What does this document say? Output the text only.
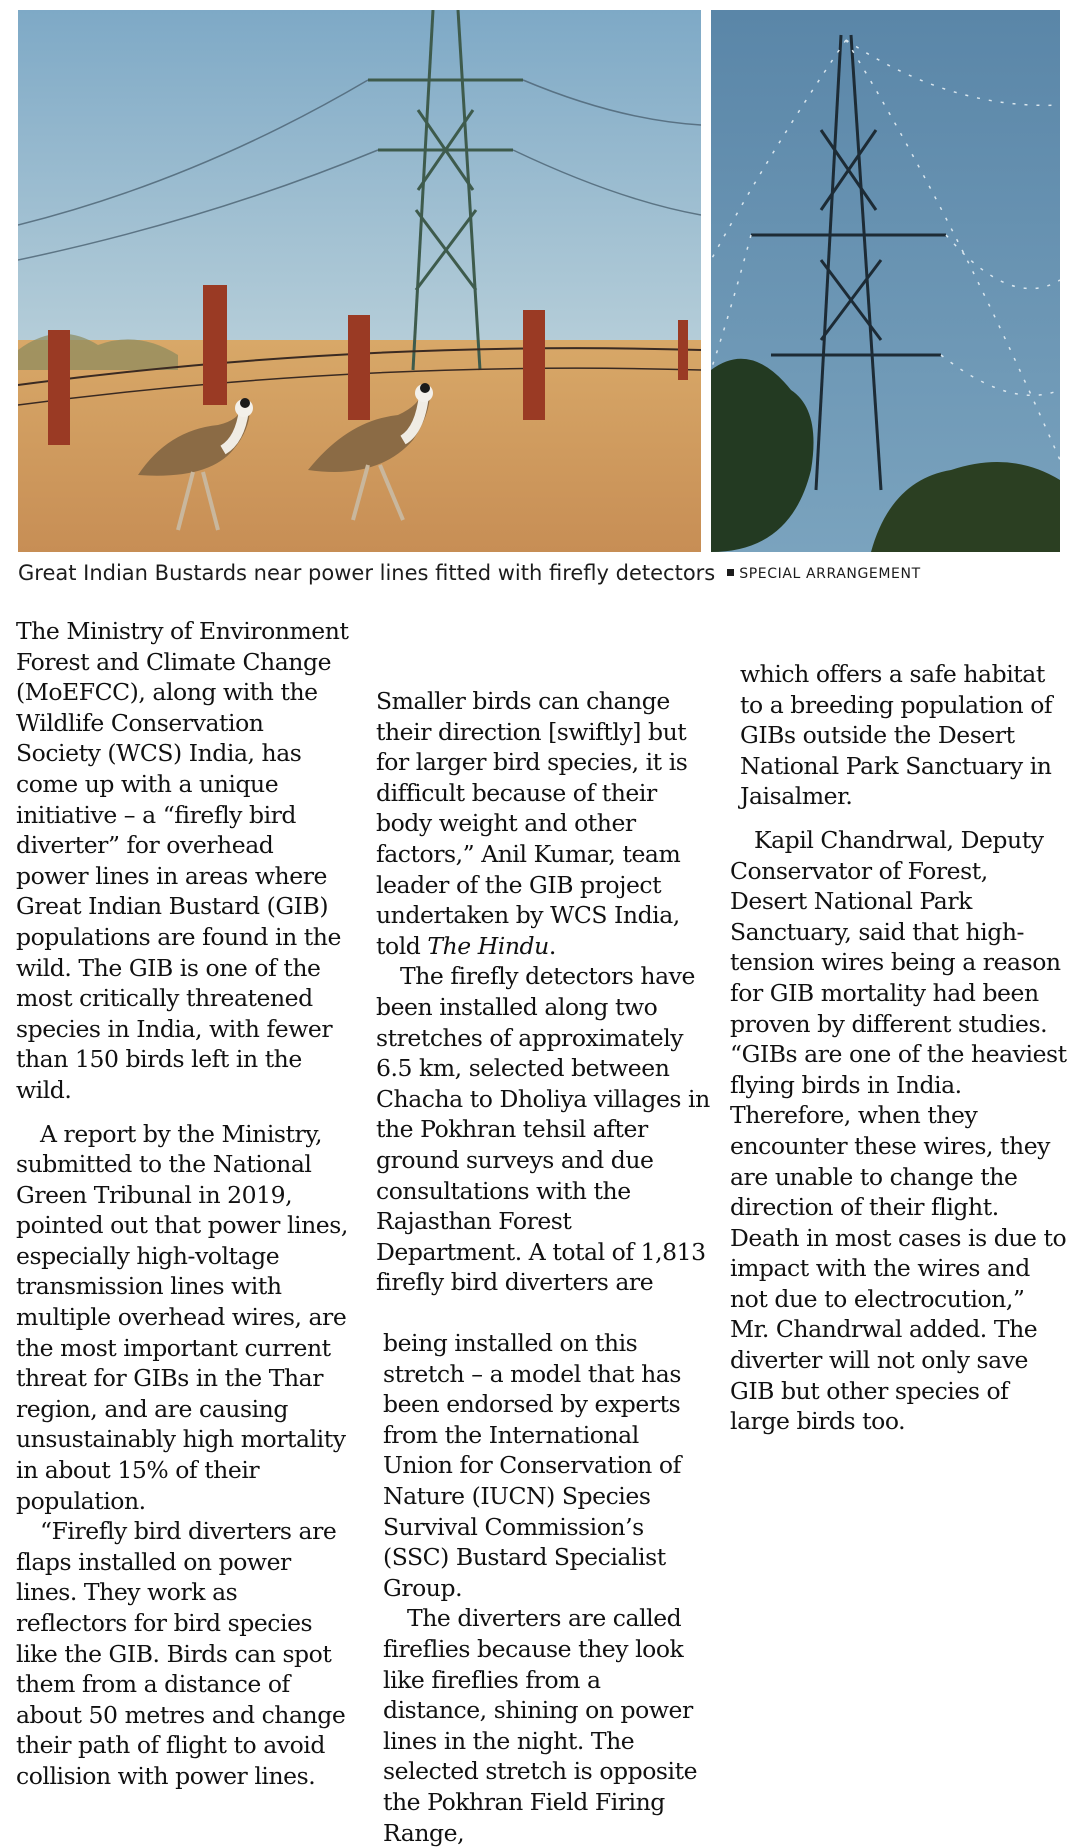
Great Indian Bustards near power lines fitted with firefly detectors SPECIAL ARRANGEMENT

The Ministry of Environment Forest and Climate Change (MoEFCC), along with the Wildlife Conservation Society (WCS) India, has come up with a unique initiative – a “firefly bird diverter” for overhead power lines in areas where Great Indian Bustard (GIB) populations are found in the wild. The GIB is one of the most critically threatened species in India, with fewer than 150 birds left in the wild.

A report by the Ministry, submitted to the National Green Tribunal in 2019, pointed out that power lines, especially high-voltage transmission lines with multiple overhead wires, are the most important current threat for GIBs in the Thar region, and are causing unsustainably high mortality in about 15% of their population.

“Firefly bird diverters are flaps installed on power lines. They work as reflectors for bird species like the GIB. Birds can spot them from a distance of about 50 metres and change their path of flight to avoid collision with power lines.

Smaller birds can change their direction [swiftly] but for larger bird species, it is difficult because of their body weight and other factors,” Anil Kumar, team leader of the GIB project undertaken by WCS India, told The Hindu.

The firefly detectors have been installed along two stretches of approximately 6.5 km, selected between Chacha to Dholiya villages in the Pokhran tehsil after ground surveys and due consultations with the Rajasthan Forest Department. A total of 1,813 firefly bird diverters are

being installed on this stretch – a model that has been endorsed by experts from the International Union for Conservation of Nature (IUCN) Species Survival Commission’s (SSC) Bustard Specialist Group.

The diverters are called fireflies because they look like fireflies from a distance, shining on power lines in the night. The selected stretch is opposite the Pokhran Field Firing Range,

which offers a safe habitat to a breeding population of GIBs outside the Desert National Park Sanctuary in Jaisalmer.

Kapil Chandrwal, Deputy Conservator of Forest, Desert National Park Sanctuary, said that high-tension wires being a reason for GIB mortality had been proven by different studies. “GIBs are one of the heaviest flying birds in India. Therefore, when they encounter these wires, they are unable to change the direction of their flight. Death in most cases is due to impact with the wires and not due to electrocution,” Mr. Chandrwal added. The diverter will not only save GIB but other species of large birds too.
